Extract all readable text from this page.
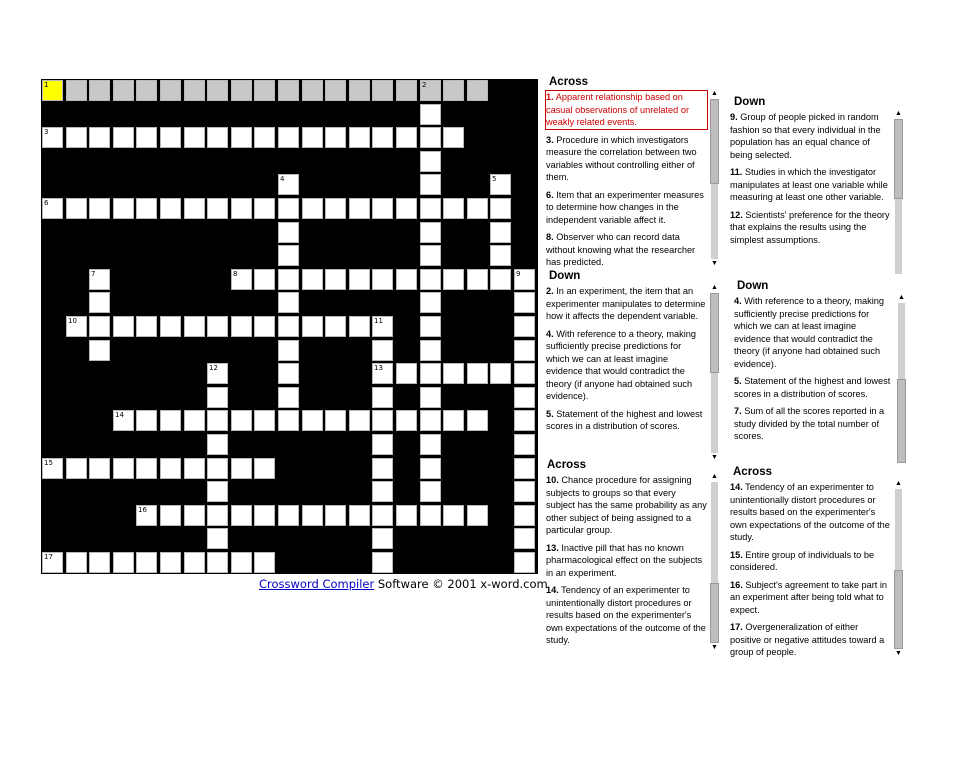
1	2
3
4	5
6
7	8	9
10	11
12	13
14
15
16
17
Crossword Compiler Software © 2001 x-word.com
Across
1. Apparent relationship based on casual observations of unrelated or weakly related events.
3. Procedure in which investigators measure the correlation between two variables without controlling either of them.
6. Item that an experimenter measures to determine how changes in the independent variable affect it.
8. Observer who can record data without knowing what the researcher has predicted.
▲
▼
Down
2. In an experiment, the item that an experimenter manipulates to determine how it affects the dependent variable.
4. With reference to a theory, making sufficiently precise predictions for which we can at least imagine evidence that would contradict the theory (if anyone had obtained such evidence).
5. Statement of the highest and lowest scores in a distribution of scores.
▲
▼
Across
10. Chance procedure for assigning subjects to groups so that every subject has the same probability as any other subject of being assigned to a particular group.
13. Inactive pill that has no known pharmacological effect on the subjects in an experiment.
14. Tendency of an experimenter to unintentionally distort procedures or results based on the experimenter's own expectations of the outcome of the study.
▲
▼
Down
9. Group of people picked in random fashion so that every individual in the population has an equal chance of being selected.
11. Studies in which the investigator manipulates at least one variable while measuring at least one other variable.
12. Scientists' preference for the theory that explains the results using the simplest assumptions.
▲
Down
4. With reference to a theory, making sufficiently precise predictions for which we can at least imagine evidence that would contradict the theory (if anyone had obtained such evidence).
5. Statement of the highest and lowest scores in a distribution of scores.
7. Sum of all the scores reported in a study divided by the total number of scores.
▲
Across
14. Tendency of an experimenter to unintentionally distort procedures or results based on the experimenter's own expectations of the outcome of the study.
15. Entire group of individuals to be considered.
16. Subject's agreement to take part in an experiment after being told what to expect.
17. Overgeneralization of either positive or negative attitudes toward a group of people.
▲
▼
